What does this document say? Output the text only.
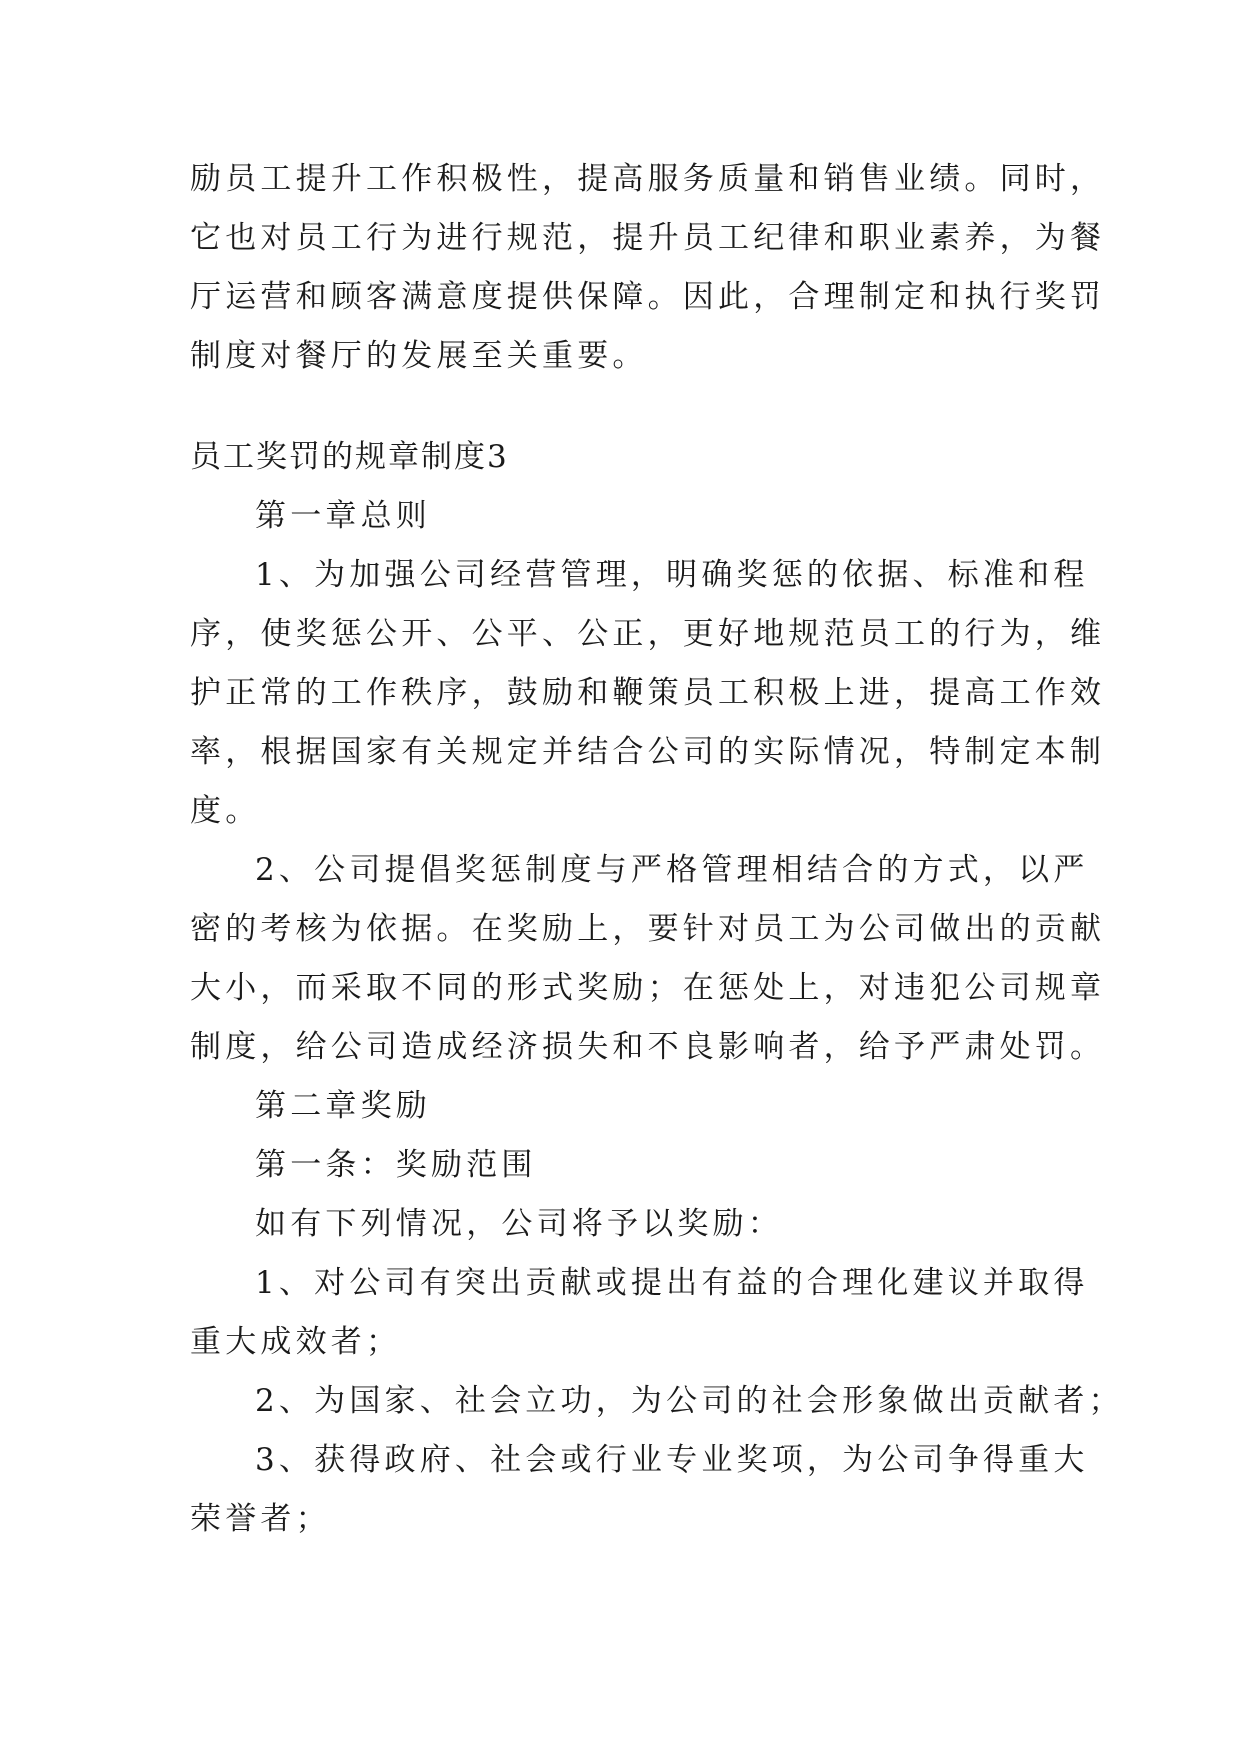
励员工提升工作积极性，提高服务质量和销售业绩。同时，
它也对员工行为进行规范，提升员工纪律和职业素养，为餐
厅运营和顾客满意度提供保障。因此，合理制定和执行奖罚
制度对餐厅的发展至关重要。
员工奖罚的规章制度3
第一章总则
1、为加强公司经营管理，明确奖惩的依据、标准和程
序，使奖惩公开、公平、公正，更好地规范员工的行为，维
护正常的工作秩序，鼓励和鞭策员工积极上进，提高工作效
率，根据国家有关规定并结合公司的实际情况，特制定本制
度。
2、公司提倡奖惩制度与严格管理相结合的方式，以严
密的考核为依据。在奖励上，要针对员工为公司做出的贡献
大小，而采取不同的形式奖励；在惩处上，对违犯公司规章
制度，给公司造成经济损失和不良影响者，给予严肃处罚。
第二章奖励
第一条：奖励范围
如有下列情况，公司将予以奖励：
1、对公司有突出贡献或提出有益的合理化建议并取得
重大成效者；
2、为国家、社会立功，为公司的社会形象做出贡献者；
3、获得政府、社会或行业专业奖项，为公司争得重大
荣誉者；
